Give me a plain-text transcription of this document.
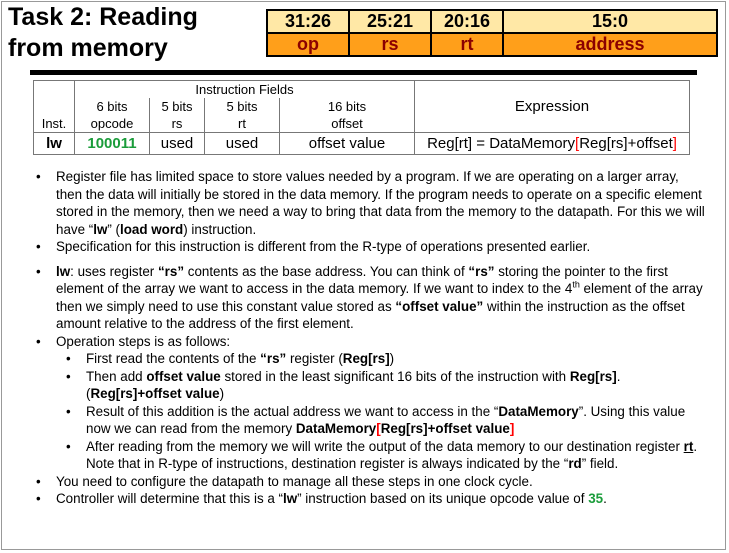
Task 2: Reading
from memory
31:26	25:21	20:16	15:0
op	rs	rt	address
	Instruction Fields				Expression
	6 bits	5 bits	5 bits	16 bits	
Inst.	opcode	rs	rt	offset	
lw	100011	used	used	offset value	Reg[rt] = DataMemory[Reg[rs]+offset]
• Register file has limited space to store values needed by a program. If we are operating on a larger array, then the data will initially be stored in the data memory. If the program needs to operate on a specific element stored in the memory, then we need a way to bring that data from the memory to the datapath. For this we will have “lw” (load word) instruction.
• Specification for this instruction is different from the R-type of operations presented earlier.
• lw: uses register “rs” contents as the base address. You can think of “rs” storing the pointer to the first element of the array we want to access in the data memory. If we want to index to the 4th element of the array then we simply need to use this constant value stored as “offset value” within the instruction as the offset amount relative to the address of the first element.
• Operation steps is as follows:
• First read the contents of the “rs” register (Reg[rs])
• Then add offset value stored in the least significant 16 bits of the instruction with Reg[rs]. (Reg[rs]+offset value)
• Result of this addition is the actual address we want to access in the “DataMemory”. Using this value now we can read from the memory DataMemory[Reg[rs]+offset value]
• After reading from the memory we will write the output of the data memory to our destination register rt. Note that in R-type of instructions, destination register is always indicated by the “rd” field.
• You need to configure the datapath to manage all these steps in one clock cycle.
• Controller will determine that this is a “lw” instruction based on its unique opcode value of 35.
